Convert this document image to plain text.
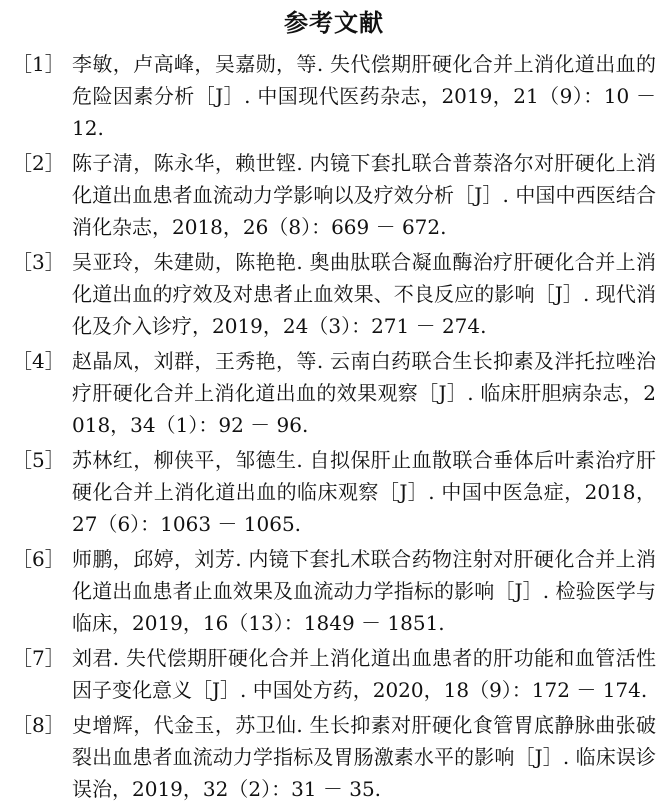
参考文献
［1］ 李敏，卢高峰，吴嘉勋，等. 失代偿期肝硬化合并上消化道出血的危险因素分析［J］. 中国现代医药杂志，2019，21（9）：10 － 12.
［2］ 陈子清，陈永华，赖世铿. 内镜下套扎联合普萘洛尔对肝硬化上消化道出血患者血流动力学影响以及疗效分析［J］. 中国中西医结合消化杂志，2018，26（8）：669 － 672.
［3］ 吴亚玲，朱建勋，陈艳艳. 奥曲肽联合凝血酶治疗肝硬化合并上消化道出血的疗效及对患者止血效果、不良反应的影响［J］. 现代消化及介入诊疗，2019，24（3）：271 － 274.
［4］ 赵晶凤，刘群，王秀艳，等. 云南白药联合生长抑素及泮托拉唑治疗肝硬化合并上消化道出血的效果观察［J］. 临床肝胆病杂志，2018，34（1）：92 － 96.
［5］ 苏林红，柳侠平，邹德生. 自拟保肝止血散联合垂体后叶素治疗肝硬化合并上消化道出血的临床观察［J］. 中国中医急症，2018，27（6）：1063 － 1065.
［6］ 师鹏，邱婷，刘芳. 内镜下套扎术联合药物注射对肝硬化合并上消化道出血患者止血效果及血流动力学指标的影响［J］. 检验医学与临床，2019，16（13）：1849 － 1851.
［7］ 刘君. 失代偿期肝硬化合并上消化道出血患者的肝功能和血管活性因子变化意义［J］. 中国处方药，2020，18（9）：172 － 174.
［8］ 史增辉，代金玉，苏卫仙. 生长抑素对肝硬化食管胃底静脉曲张破裂出血患者血流动力学指标及胃肠激素水平的影响［J］. 临床误诊误治，2019，32（2）：31 － 35.
